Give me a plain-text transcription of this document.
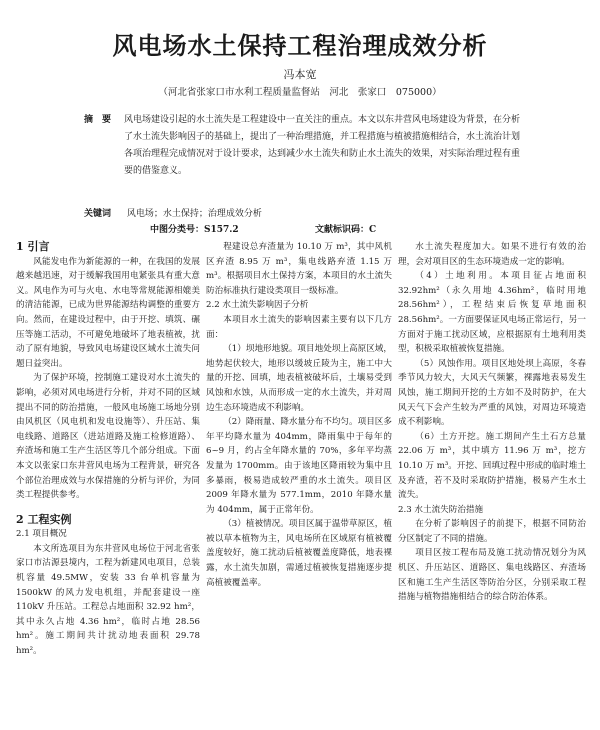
风电场水土保持工程治理成效分析
冯本宽
（河北省张家口市水利工程质量监督站　河北　张家口　075000）
摘　要	风电场建设引起的水土流失是工程建设中一直关注的重点。本文以东井营风电场建设为背景，在分析了水土流失影响因子的基础上，提出了一种治理措施，并工程措施与植被措施相结合，水土流治计划各项治理程完成情况对于设计要求，达到减少水土流失和防止水土流失的效果，对实际治理过程有重要的借鉴意义。
关键词 风电场；水土保持；治理成效分析
中图分类号：S157.2	文献标识码：C

1 引言

风能发电作为新能源的一种，在我国的发展越来越迅速，对于缓解我国用电紧张具有重大意义。风电作为可与火电、水电等常规能源相媲美的清洁能源，已成为世界能源结构调整的重要方向。然而，在建设过程中，由于开挖、填筑、碾压等施工活动，不可避免地破坏了地表植被，扰动了原有地貌，导致风电场建设区域水土流失问题日益突出。

为了保护环境，控制施工建设对水土流失的影响，必须对风电场进行分析，并对不同的区域提出不同的防治措施，一般风电场施工场地分别由风机区（风电机和发电设施等）、升压站、集电线路、道路区（进站道路及施工检修道路）、弃渣场和施工生产生活区等几个部分组成。下面本文以张家口东井营风电场为工程背景，研究各个部位治理成效与水保措施的分析与评价，为同类工程提供参考。

2 工程实例

2.1 项目概况

本文所选项目为东井营风电场位于河北省张家口市沽源县境内，工程为新建风电项目，总装机容量 49.5MW，安装 33 台单机容量为 1500kW 的风力发电机组，并配套建设一座 110kV 升压站。工程总占地面积 32.92 hm²，其中永久占地 4.36 hm²，临时占地 28.56 hm²。施工期间共计扰动地表面积 29.78 hm²。

程建设总弃渣量为 10.10 万 m³，其中风机区弃渣 8.95 万 m³，集电线路弃渣 1.15 万 m³。根据项目水土保持方案，本项目的水土流失防治标准执行建设类项目一级标准。

2.2 水土流失影响因子分析

本项目水土流失的影响因素主要有以下几方面：

（1）坝地形地貌。项目地处坝上高原区域，地势起伏较大，地形以缓坡丘陵为主，施工中大量的开挖、回填，地表植被破坏后，土壤易受到风蚀和水蚀，从而形成一定的水土流失，并对周边生态环境造成不利影响。

（2）降雨量、降水量分布不均匀。项目区多年平均降水量为 404mm，降雨集中于每年的 6~9 月，约占全年降水量的 70%，多年平均蒸发量为 1700mm。由于该地区降雨较为集中且多暴雨，极易造成较严重的水土流失。项目区 2009 年降水量为 577.1mm，2010 年降水量为 404mm，属于正常年份。

（3）植被情况。项目区属于温带草原区，植被以草本植物为主，风电场所在区域原有植被覆盖度较好，施工扰动后植被覆盖度降低，地表裸露，水土流失加剧，需通过植被恢复措施逐步提高植被覆盖率。

水土流失程度加大。如果不进行有效的治理，会对项目区的生态环境造成一定的影响。

（4）土地利用。本项目征占地面积 32.92hm²（永久用地 4.36hm²，临时用地 28.56hm²），工程结束后恢复草地面积 28.56hm²。一方面要保证风电场正常运行，另一方面对于施工扰动区域，应根据原有土地利用类型，积极采取植被恢复措施。

（5）风蚀作用。项目区地处坝上高原，冬春季节风力较大，大风天气频繁，裸露地表易发生风蚀，施工期间开挖的土方如不及时防护，在大风天气下会产生较为严重的风蚀，对周边环境造成不利影响。

（6）土方开挖。施工期间产生土石方总量 22.06 万 m³，其中填方 11.96 万 m³，挖方 10.10 万 m³。开挖、回填过程中形成的临时堆土及弃渣，若不及时采取防护措施，极易产生水土流失。

2.3 水土流失防治措施

在分析了影响因子的前提下，根据不同防治分区制定了不同的措施。

项目区按工程布局及施工扰动情况划分为风机区、升压站区、道路区、集电线路区、弃渣场区和施工生产生活区等防治分区，分别采取工程措施与植物措施相结合的综合防治体系。
